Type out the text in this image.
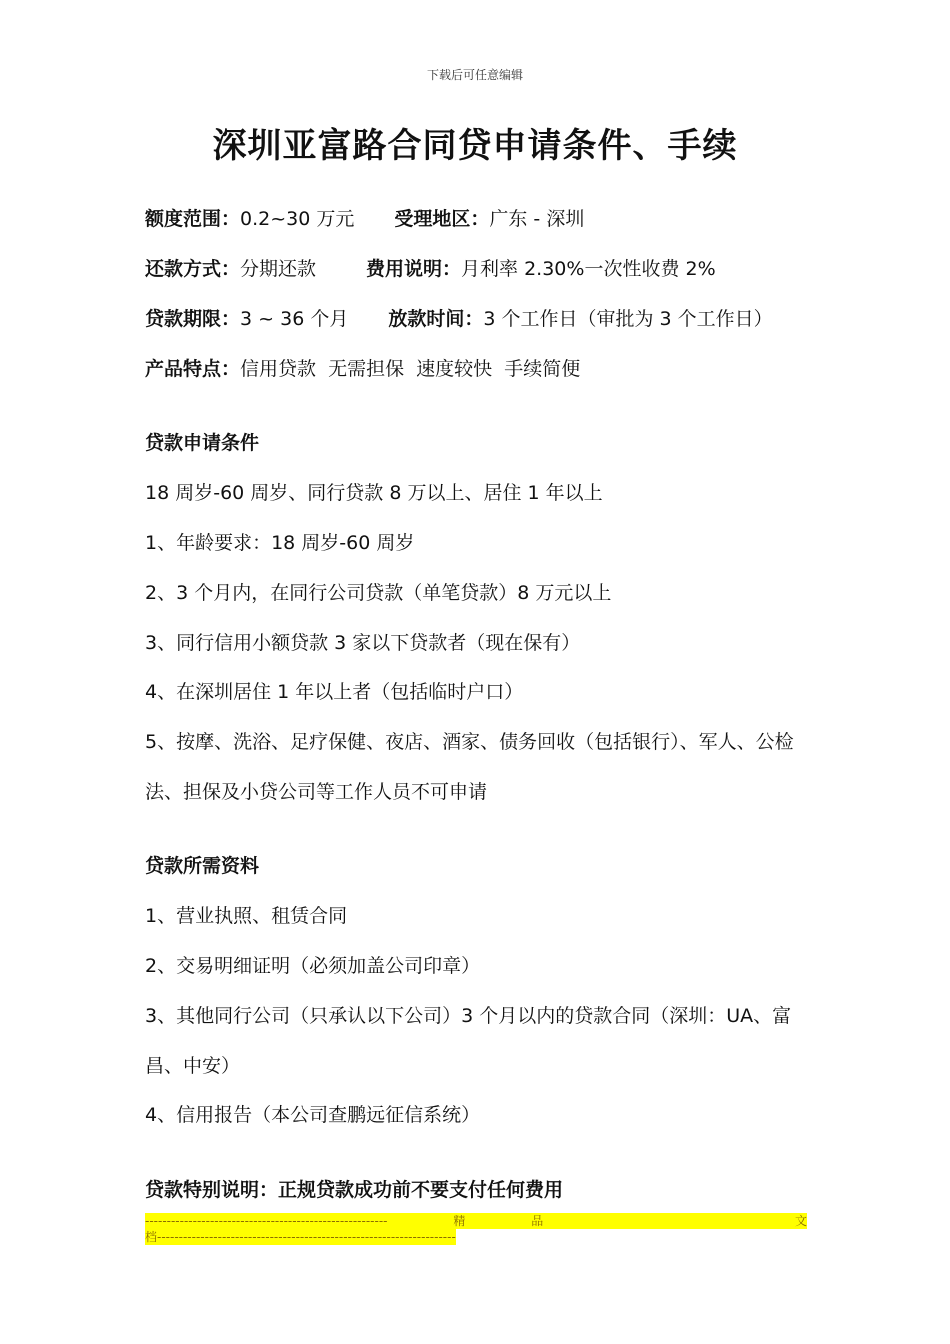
下载后可任意编辑
深圳亚富路合同贷申请条件、手续
额度范围：0.2~30 万元 受理地区：广东 - 深圳
还款方式：分期还款	费用说明：月利率 2.30%一次性收费 2%
贷款期限：3 ~ 36 个月 放款时间：3 个工作日（审批为 3 个工作日）
产品特点：信用贷款  无需担保  速度较快  手续简便
贷款申请条件
18 周岁-60 周岁、同行贷款 8 万以上、居住 1 年以上
1、年龄要求：18 周岁-60 周岁
2、3 个月内，在同行公司贷款（单笔贷款）8 万元以上
3、同行信用小额贷款 3 家以下贷款者（现在保有）
4、在深圳居住 1 年以上者（包括临时户口）
5、按摩、洗浴、足疗保健、夜店、酒家、债务回收（包括银行）、军人、公检
法、担保及小贷公司等工作人员不可申请
贷款所需资料
1、营业执照、租赁合同
2、交易明细证明（必须加盖公司印章）
3、其他同行公司（只承认以下公司）3 个月以内的贷款合同（深圳：UA、富
昌、中安）
4、信用报告（本公司查鹏远征信系统）
贷款特别说明：正规贷款成功前不要支付任何费用
--------------------------------------------------------	精	品	文
档---------------------------------------------------------------------
